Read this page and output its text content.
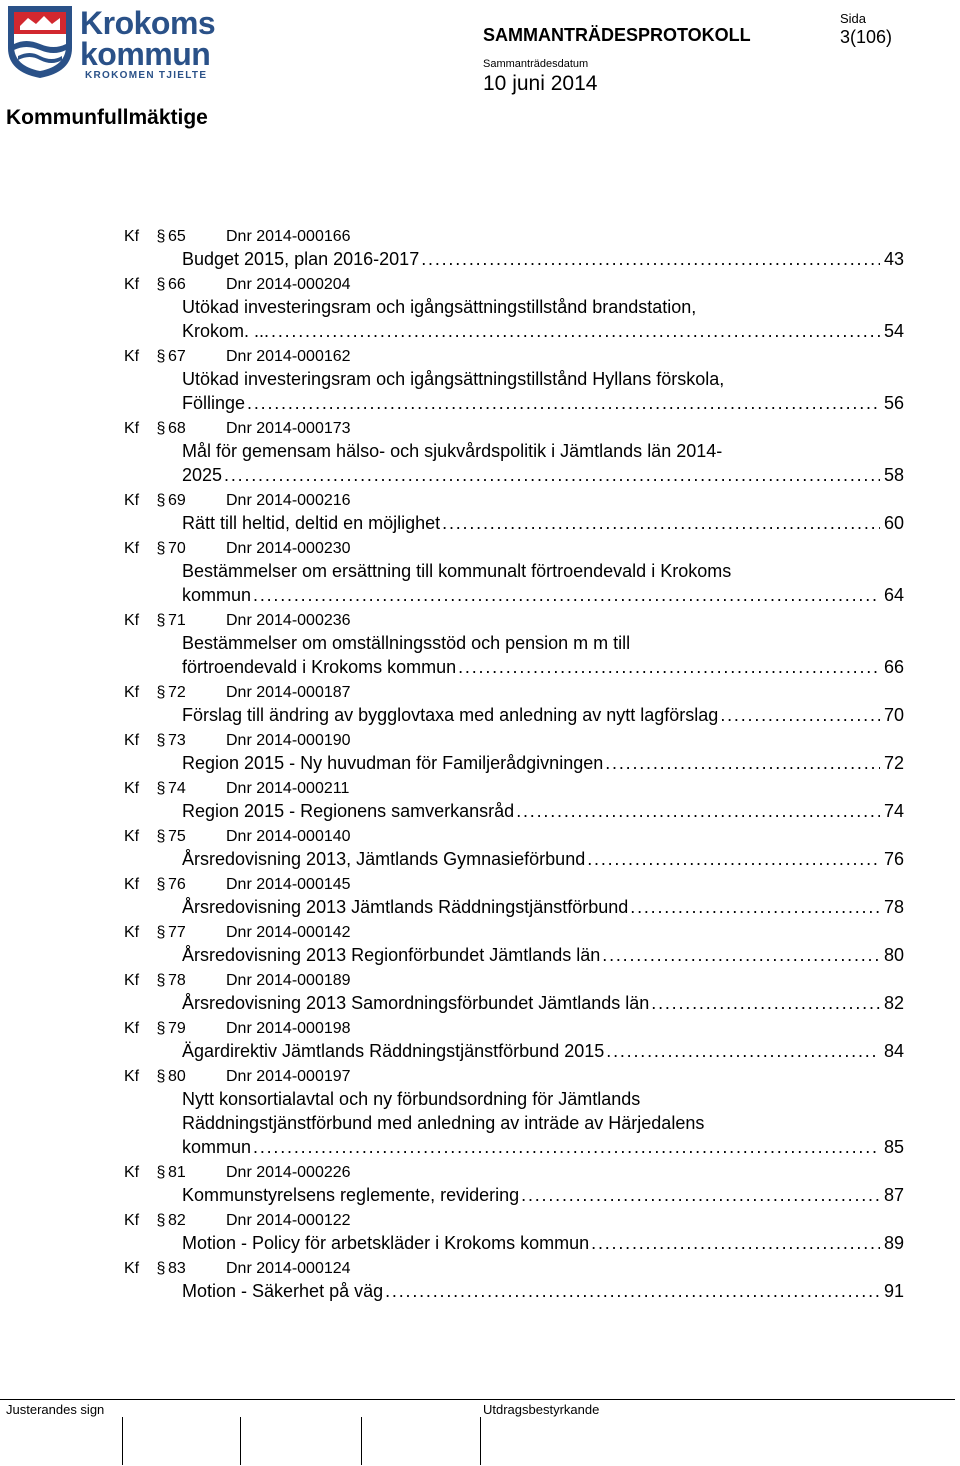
Krokoms
kommun
KROKOMEN TJIELTE
Kommunfullmäktige
SAMMANTRÄDESPROTOKOLL
Sammanträdesdatum
10 juni 2014
Sida
3(106)
Kf § 65	Dnr 2014-000166
Budget 2015, plan 2016-2017 . . .	43
Kf § 66	Dnr 2014-000204
Utökad investeringsram och igångsättningstillstånd brandstation,
Krokom. ... . . .	54
Kf § 67	Dnr 2014-000162
Utökad investeringsram och igångsättningstillstånd Hyllans förskola,
Föllinge . . .	56
Kf § 68	Dnr 2014-000173
Mål för gemensam hälso- och sjukvårdspolitik i Jämtlands län 2014-
2025 . . .	58
Kf § 69	Dnr 2014-000216
Rätt till heltid, deltid en möjlighet . . .	60
Kf § 70	Dnr 2014-000230
Bestämmelser om ersättning till kommunalt förtroendevald i Krokoms
kommun . . .	64
Kf § 71	Dnr 2014-000236
Bestämmelser om omställningsstöd och pension m m till
förtroendevald i Krokoms kommun . . .	66
Kf § 72	Dnr 2014-000187
Förslag till ändring av bygglovtaxa med anledning av nytt lagförslag . . .	70
Kf § 73	Dnr 2014-000190
Region 2015 - Ny huvudman för Familjerådgivningen . . .	72
Kf § 74	Dnr 2014-000211
Region 2015 - Regionens samverkansråd . . .	74
Kf § 75	Dnr 2014-000140
Årsredovisning 2013, Jämtlands Gymnasieförbund . . .	76
Kf § 76	Dnr 2014-000145
Årsredovisning 2013 Jämtlands Räddningstjänstförbund . . .	78
Kf § 77	Dnr 2014-000142
Årsredovisning 2013 Regionförbundet Jämtlands län . . .	80
Kf § 78	Dnr 2014-000189
Årsredovisning 2013 Samordningsförbundet Jämtlands län . . .	82
Kf § 79	Dnr 2014-000198
Ägardirektiv Jämtlands Räddningstjänstförbund 2015 . . .	84
Kf § 80	Dnr 2014-000197
Nytt konsortialavtal och ny förbundsordning för Jämtlands
Räddningstjänstförbund med anledning av inträde av Härjedalens
kommun . . .	85
Kf § 81	Dnr 2014-000226
Kommunstyrelsens reglemente, revidering . . .	87
Kf § 82	Dnr 2014-000122
Motion - Policy för arbetskläder i Krokoms kommun . . .	89
Kf § 83	Dnr 2014-000124
Motion - Säkerhet på väg . . .	91
Justerandes sign	Utdragsbestyrkande
